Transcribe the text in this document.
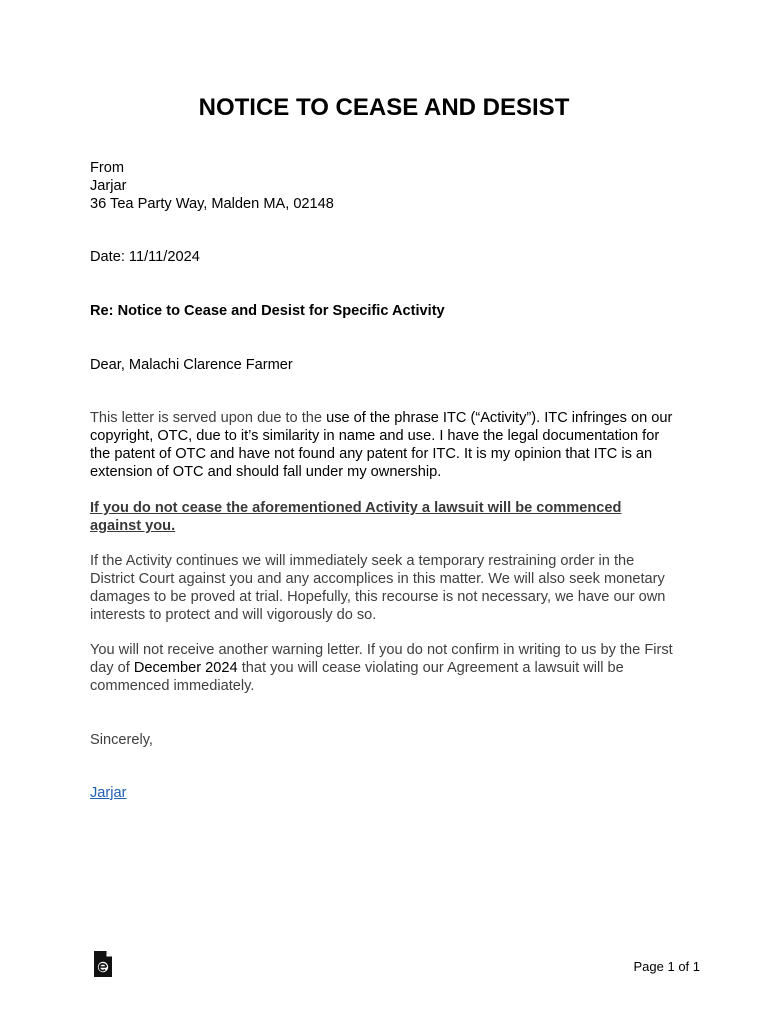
NOTICE TO CEASE AND DESIST
From
Jarjar
36 Tea Party Way, Malden MA, 02148
Date: 11/11/2024
Re: Notice to Cease and Desist for Specific Activity
Dear, Malachi Clarence Farmer
This letter is served upon due to the use of the phrase ITC (“Activity”). ITC infringes on our copyright, OTC, due to it’s similarity in name and use. I have the legal documentation for the patent of OTC and have not found any patent for ITC. It is my opinion that ITC is an extension of OTC and should fall under my ownership.
If you do not cease the aforementioned Activity a lawsuit will be commenced against you.
If the Activity continues we will immediately seek a temporary restraining order in the District Court against you and any accomplices in this matter. We will also seek monetary damages to be proved at trial. Hopefully, this recourse is not necessary, we have our own interests to protect and will vigorously do so.
You will not receive another warning letter. If you do not confirm in writing to us by the First day of December 2024 that you will cease violating our Agreement a lawsuit will be commenced immediately.
Sincerely,
Jarjar
Page 1 of 1
